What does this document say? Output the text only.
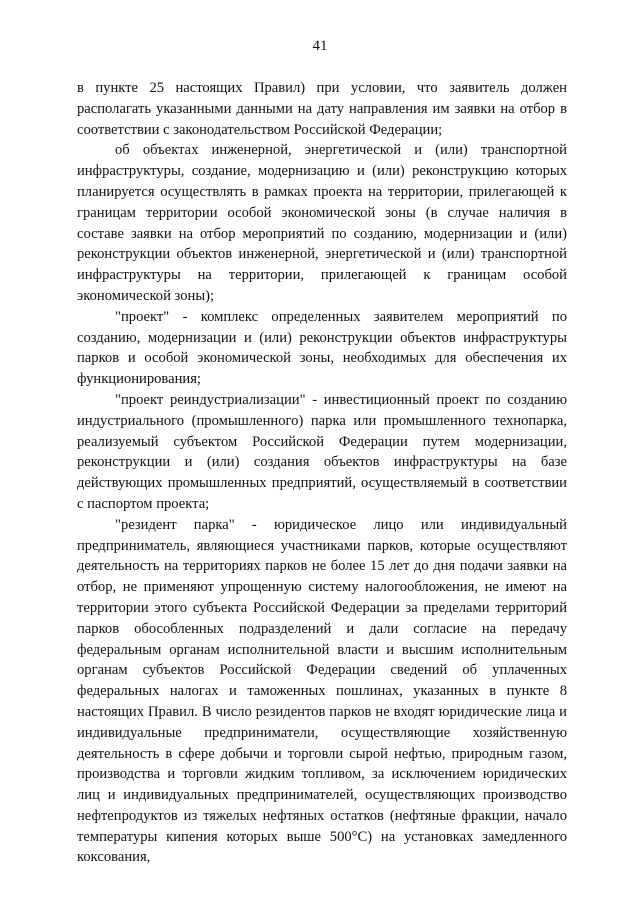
41

в пункте 25 настоящих Правил) при условии, что заявитель должен располагать указанными данными на дату направления им заявки на отбор в соответствии с законодательством Российской Федерации;

об объектах инженерной, энергетической и (или) транспортной инфраструктуры, создание, модернизацию и (или) реконструкцию которых планируется осуществлять в рамках проекта на территории, прилегающей к границам территории особой экономической зоны (в случае наличия в составе заявки на отбор мероприятий по созданию, модернизации и (или) реконструкции объектов инженерной, энергетической и (или) транспортной инфраструктуры на территории, прилегающей к границам особой экономической зоны);

"проект" - комплекс определенных заявителем мероприятий по созданию, модернизации и (или) реконструкции объектов инфраструктуры парков и особой экономической зоны, необходимых для обеспечения их функционирования;

"проект реиндустриализации" - инвестиционный проект по созданию индустриального (промышленного) парка или промышленного технопарка, реализуемый субъектом Российской Федерации путем модернизации, реконструкции и (или) создания объектов инфраструктуры на базе действующих промышленных предприятий, осуществляемый в соответствии с паспортом проекта;

"резидент парка" - юридическое лицо или индивидуальный предприниматель, являющиеся участниками парков, которые осуществляют деятельность на территориях парков не более 15 лет до дня подачи заявки на отбор, не применяют упрощенную систему налогообложения, не имеют на территории этого субъекта Российской Федерации за пределами территорий парков обособленных подразделений и дали согласие на передачу федеральным органам исполнительной власти и высшим исполнительным органам субъектов Российской Федерации сведений об уплаченных федеральных налогах и таможенных пошлинах, указанных в пункте 8 настоящих Правил. В число резидентов парков не входят юридические лица и индивидуальные предприниматели, осуществляющие хозяйственную деятельность в сфере добычи и торговли сырой нефтью, природным газом, производства и торговли жидким топливом, за исключением юридических лиц и индивидуальных предпринимателей, осуществляющих производство нефтепродуктов из тяжелых нефтяных остатков (нефтяные фракции, начало температуры кипения которых выше 500°С) на установках замедленного коксования,
